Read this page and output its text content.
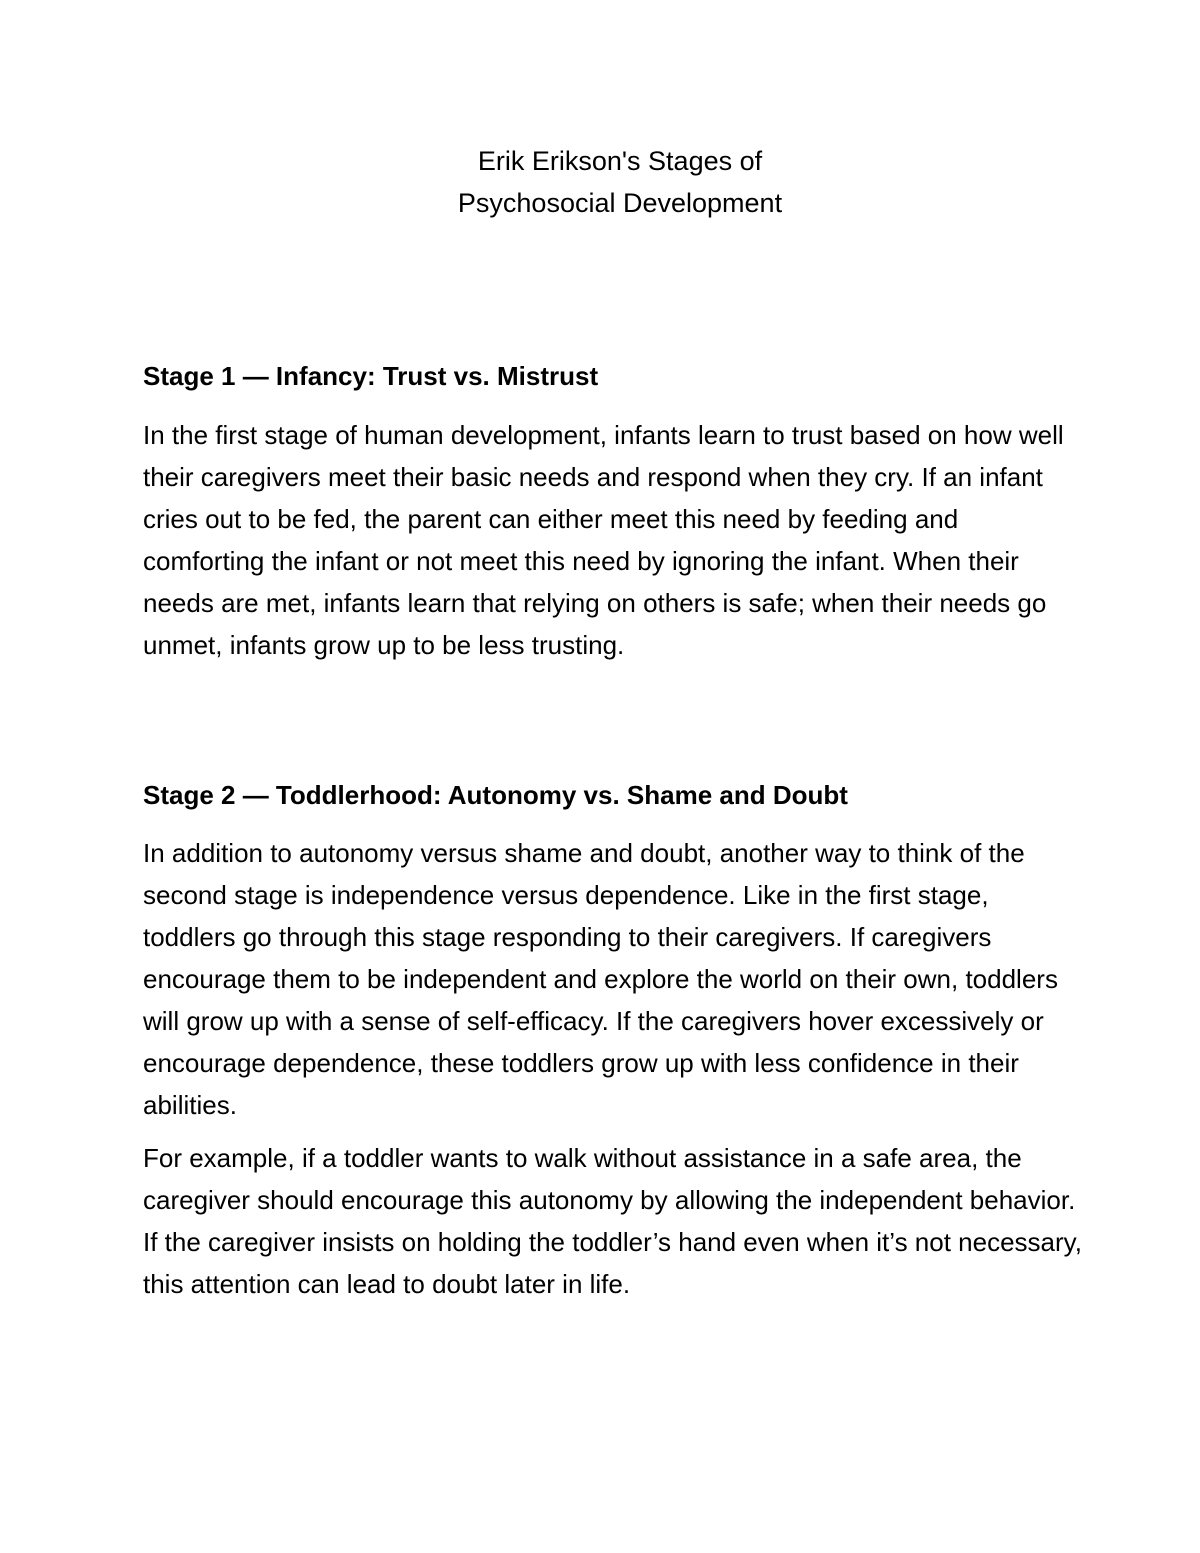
Erik Erikson's Stages of
Psychosocial Development
Stage 1 — Infancy: Trust vs. Mistrust

In the first stage of human development, infants learn to trust based on how well their caregivers meet their basic needs and respond when they cry. If an infant cries out to be fed, the parent can either meet this need by feeding and comforting the infant or not meet this need by ignoring the infant. When their needs are met, infants learn that relying on others is safe; when their needs go unmet, infants grow up to be less trusting.

Stage 2 — Toddlerhood: Autonomy vs. Shame and Doubt

In addition to autonomy versus shame and doubt, another way to think of the second stage is independence versus dependence. Like in the first stage, toddlers go through this stage responding to their caregivers. If caregivers encourage them to be independent and explore the world on their own, toddlers will grow up with a sense of self-efficacy. If the caregivers hover excessively or encourage dependence, these toddlers grow up with less confidence in their abilities.

For example, if a toddler wants to walk without assistance in a safe area, the caregiver should encourage this autonomy by allowing the independent behavior. If the caregiver insists on holding the toddler’s hand even when it’s not necessary, this attention can lead to doubt later in life.
